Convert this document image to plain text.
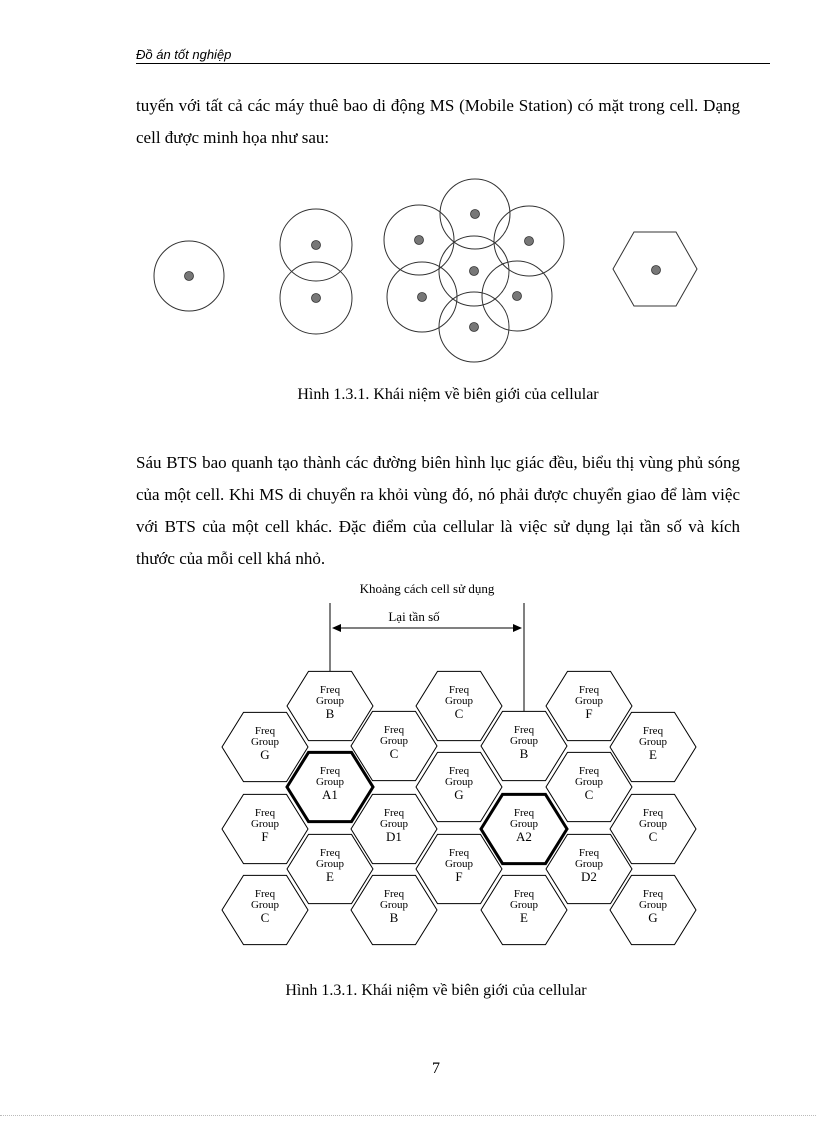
Đồ án tốt nghiệp
tuyến với tất cả các máy thuê bao di động MS (Mobile Station) có mặt trong cell. Dạng cell được minh họa như sau:
Hình 1.3.1. Khái niệm về biên giới của cellular
Sáu BTS bao quanh tạo thành các đường biên hình lục giác đều, biểu thị vùng phủ sóng của một cell. Khi MS di chuyển ra khỏi vùng đó, nó phải được chuyển giao để làm việc với BTS của một cell khác. Đặc điểm của cellular là việc sử dụng lại tần số và kích thước của mỗi cell khá nhỏ.
Khoảng cách cell sử dụng
Lại tần số
Freq
Group
B
Freq
Group
C
Freq
Group
F
Freq
Group
G
Freq
Group
C
Freq
Group
B
Freq
Group
E
Freq
Group
A1
Freq
Group
G
Freq
Group
C
Freq
Group
F
Freq
Group
D1
Freq
Group
A2
Freq
Group
C
Freq
Group
E
Freq
Group
F
Freq
Group
D2
Freq
Group
C
Freq
Group
B
Freq
Group
E
Freq
Group
G
Hình 1.3.1. Khái niệm về biên giới của cellular
7
